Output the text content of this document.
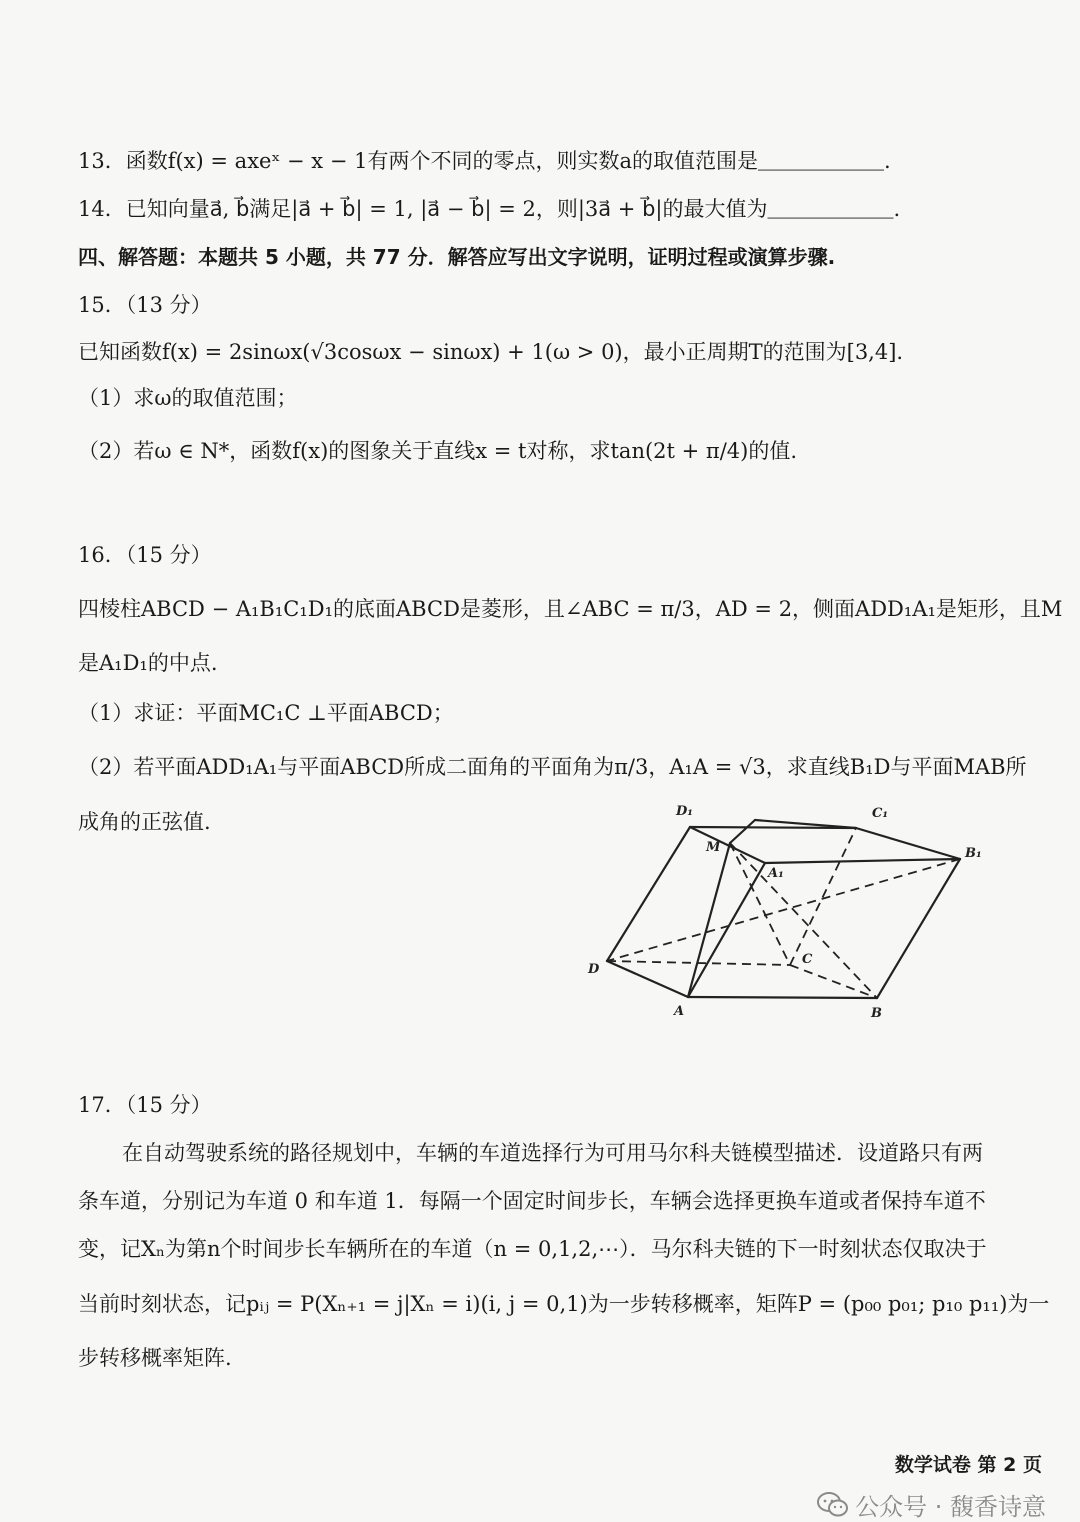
13．函数f(x) = axeˣ − x − 1有两个不同的零点，则实数a的取值范围是＿＿＿＿＿＿.
14．已知向量a⃗, b⃗满足|a⃗ + b⃗| = 1, |a⃗ − b⃗| = 2，则|3a⃗ + b⃗|的最大值为＿＿＿＿＿＿.
四、解答题：本题共 5 小题，共 77 分．解答应写出文字说明，证明过程或演算步骤.
15．（13 分）
已知函数f(x) = 2sinωx(√3cosωx − sinωx) + 1(ω > 0)，最小正周期T的范围为[3,4].
（1）求ω的取值范围；
（2）若ω ∈ N*，函数f(x)的图象关于直线x = t对称，求tan(2t + π/4)的值.
16．（15 分）
四棱柱ABCD − A₁B₁C₁D₁的底面ABCD是菱形，且∠ABC = π/3，AD = 2，侧面ADD₁A₁是矩形，且M
是A₁D₁的中点.
（1）求证：平面MC₁C ⊥平面ABCD；
（2）若平面ADD₁A₁与平面ABCD所成二面角的平面角为π/3，A₁A = √3，求直线B₁D与平面MAB所
成角的正弦值.	D₁	C₁
B₁
M
A₁
D
C
A	B
17．（15 分）
在自动驾驶系统的路径规划中，车辆的车道选择行为可用马尔科夫链模型描述．设道路只有两
条车道，分别记为车道 0 和车道 1．每隔一个固定时间步长，车辆会选择更换车道或者保持车道不
变，记Xₙ为第n个时间步长车辆所在的车道（n = 0,1,2,⋯）．马尔科夫链的下一时刻状态仅取决于
当前时刻状态，记pᵢⱼ = P(Xₙ₊₁ = j|Xₙ = i)(i, j = 0,1)为一步转移概率，矩阵P = (p₀₀ p₀₁; p₁₀ p₁₁)为一
步转移概率矩阵.
数学试卷 第 2 页
公众号 · 馥香诗意
